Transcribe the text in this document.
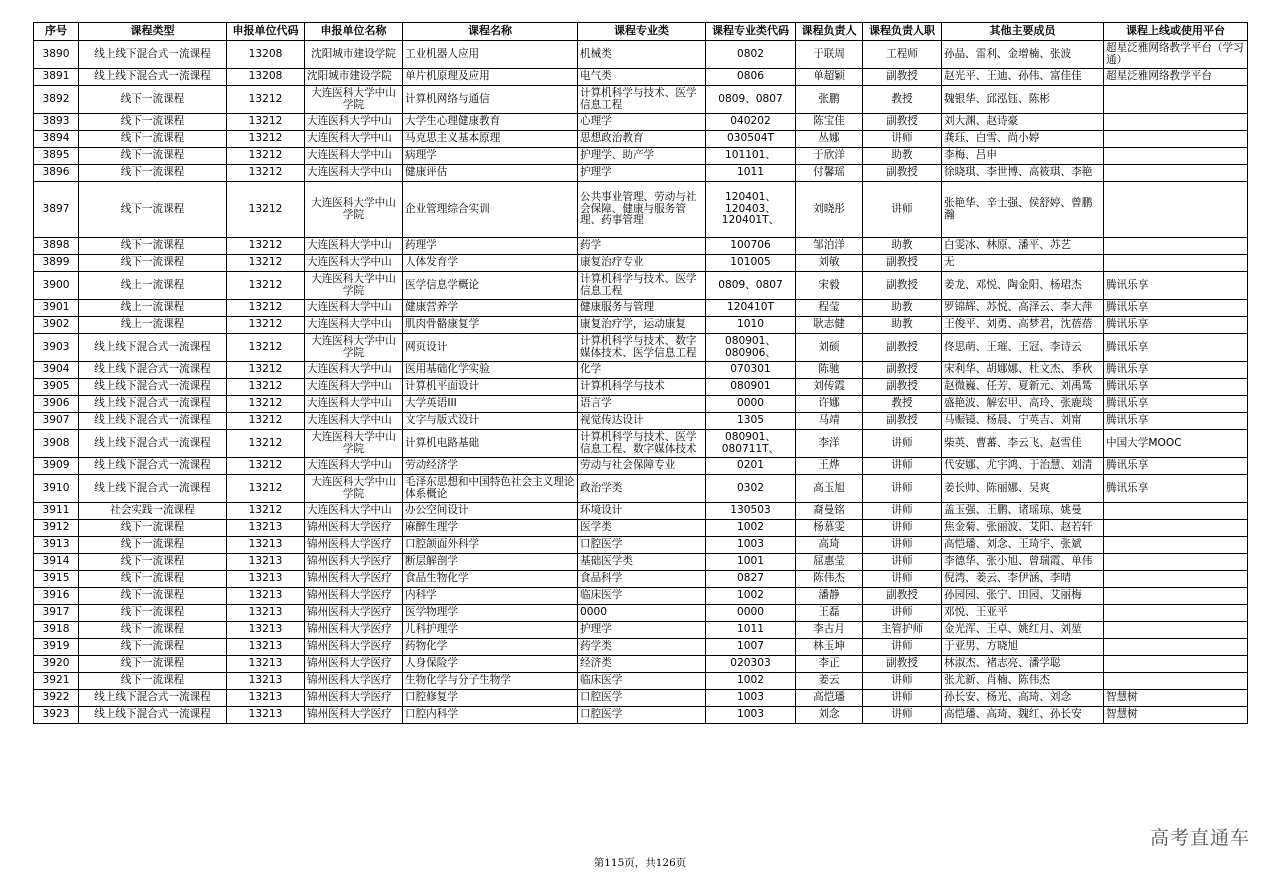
序号	课程类型	申报单位代码	申报单位名称	课程名称	课程专业类	课程专业类代码	课程负责人	课程负责人职	其他主要成员	课程上线或使用平台
3890	线上线下混合式一流课程	13208	沈阳城市建设学院	工业机器人应用	机械类	0802	于联周	工程师	孙晶、雷利、金增楠、张波	超星泛雅网络教学平台（学习通）
3891	线上线下混合式一流课程	13208	沈阳城市建设学院	单片机原理及应用	电气类	0806	单超颖	副教授	赵光平、王迪、孙伟、富佳佳	超星泛雅网络教学平台
3892	线下一流课程	13212	大连医科大学中山学院	计算机网络与通信	计算机科学与技术、医学信息工程	0809、0807	张鹏	教授	魏银华、邱泓钰、陈彬	
3893	线下一流课程	13212	大连医科大学中山	大学生心理健康教育	心理学	040202	陈宝佳	副教授	刘大渊、赵诗豪	
3894	线下一流课程	13212	大连医科大学中山	马克思主义基本原理	思想政治教育	030504T	丛娜	讲师	龚珏、白雪、尚小婷	
3895	线下一流课程	13212	大连医科大学中山	病理学	护理学、助产学	101101、	于欣洋	助教	李梅、吕申	
3896	线下一流课程	13212	大连医科大学中山	健康评估	护理学	1011	付馨瑶	副教授	徐晓琪、李世博、高筱琪、李艳	
3897	线下一流课程	13212	大连医科大学中山学院	企业管理综合实训	公共事业管理、劳动与社会保障、健康与服务管理、药事管理	120401、120403、120401T、	刘晓彤	讲师	张艳华、辛士强、侯舒婷、曾鹏瀚	
3898	线下一流课程	13212	大连医科大学中山	药理学	药学	100706	邹泊洋	助教	白雯冰、林原、潘平、苏艺	
3899	线下一流课程	13212	大连医科大学中山	人体发育学	康复治疗专业	101005	刘敏	副教授	无	
3900	线上一流课程	13212	大连医科大学中山学院	医学信息学概论	计算机科学与技术、医学信息工程	0809、0807	宋毅	副教授	姜龙、邓悦、陶金阳、杨珺杰	腾讯乐享
3901	线上一流课程	13212	大连医科大学中山	健康营养学	健康服务与管理	120410T	程莹	助教	罗锦辉、苏悦、高泽云、李大萍	腾讯乐享
3902	线上一流课程	13212	大连医科大学中山	肌肉骨骼康复学	康复治疗学，运动康复	1010	耿志健	助教	王俊平、刘勇、高梦君，沈蓓蓓	腾讯乐享
3903	线上线下混合式一流课程	13212	大连医科大学中山学院	网页设计	计算机科学与技术、数字媒体技术、医学信息工程	080901、080906、	刘硕	副教授	佟思萌、王璀、王冠、李诗云	腾讯乐享
3904	线上线下混合式一流课程	13212	大连医科大学中山	医用基础化学实验	化学	070301	陈驰	副教授	宋利华、胡娜娜、杜文杰、季秋	腾讯乐享
3905	线上线下混合式一流课程	13212	大连医科大学中山	计算机平面设计	计算机科学与技术	080901	刘传霞	副教授	赵微巍、任芳、夏新元、刘禹鸶	腾讯乐享
3906	线上线下混合式一流课程	13212	大连医科大学中山	大学英语III	语言学	0000	许娜	教授	盛艳波、解宏甲、高玲、张鹿琰	腾讯乐享
3907	线上线下混合式一流课程	13212	大连医科大学中山	文字与版式设计	视觉传达设计	1305	马靖	副教授	马赈镜、杨晨、宁英吉、刘甯	腾讯乐享
3908	线上线下混合式一流课程	13212	大连医科大学中山学院	计算机电路基础	计算机科学与技术、医学信息工程、数字媒体技术	080901、080711T、	李洋	讲师	柴英、曹蕃、李云飞、赵雪佳	中国大学MOOC
3909	线上线下混合式一流课程	13212	大连医科大学中山	劳动经济学	劳动与社会保障专业	0201	王烨	讲师	代安娜、尤宇鸿、于治慧、刘清	腾讯乐享
3910	线上线下混合式一流课程	13212	大连医科大学中山学院	毛泽东思想和中国特色社会主义理论体系概论	政治学类	0302	高玉旭	讲师	姜长帅、陈丽娜、吴爽	腾讯乐享
3911	社会实践一流课程	13212	大连医科大学中山	办公空间设计	环境设计	130503	裔曼铭	讲师	盖玉强、王鹏、诸瑶琼、姚曼	
3912	线下一流课程	13213	锦州医科大学医疗	麻醉生理学	医学类	1002	杨慕雯	讲师	焦金菊、张丽波、艾阳、赵若轩	
3913	线下一流课程	13213	锦州医科大学医疗	口腔颌面外科学	口腔医学	1003	高琦	讲师	高恺璠、刘念、王琦宇、张斌	
3914	线下一流课程	13213	锦州医科大学医疗	断层解剖学	基础医学类	1001	屈惠莹	讲师	李德华、张小旭、曾瑞霞、单伟	
3915	线下一流课程	13213	锦州医科大学医疗	食品生物化学	食品科学	0827	陈伟杰	讲师	倪湾、姜云、李伊涵、李晴	
3916	线下一流课程	13213	锦州医科大学医疗	内科学	临床医学	1002	潘静	副教授	孙园园、张宁、田园、艾丽梅	
3917	线下一流课程	13213	锦州医科大学医疗	医学物理学	0000	0000	王磊	讲师	邓悦、王亚平	
3918	线下一流课程	13213	锦州医科大学医疗	儿科护理学	护理学	1011	李古月	主管护师	金光浑、王卓、姚红月、刘堃	
3919	线下一流课程	13213	锦州医科大学医疗	药物化学	药学类	1007	林玉坤	讲师	于亚男、方晓旭	
3920	线下一流课程	13213	锦州医科大学医疗	人身保险学	经济类	020303	李正	副教授	林淑杰、褚志亮、潘学聪	
3921	线下一流课程	13213	锦州医科大学医疗	生物化学与分子生物学	临床医学	1002	姜云	讲师	张尤新、肖楠、陈伟杰	
3922	线上线下混合式一流课程	13213	锦州医科大学医疗	口腔修复学	口腔医学	1003	高恺璠	讲师	孙长安、杨光、高琦、刘念	智慧树
3923	线上线下混合式一流课程	13213	锦州医科大学医疗	口腔内科学	口腔医学	1003	刘念	讲师	高恺璠、高琦、魏红、孙长安	智慧树
第115页，共126页
高考直通车
